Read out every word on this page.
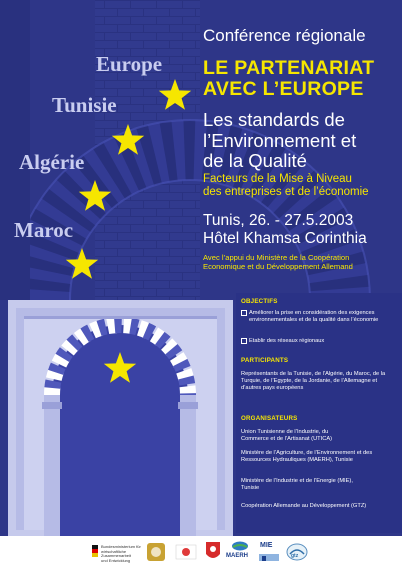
Europe
Tunisie
Algérie
Maroc
Conférence régionale
LE PARTENARIAT
AVEC L’EUROPE
Les standards de
l’Environnement et
de la Qualité
Facteurs de la Mise à Niveau
des entreprises et de l’économie
Tunis, 26. - 27.5.2003
Hôtel Khamsa Corinthia
Avec l’appui du Ministère de la Coopération
Economique et du Développement Allemand
OBJECTIFS
Améliorer la prise en considération des exigences environnementales et de la qualité dans l’économie
Etablir des réseaux régionaux
PARTICIPANTS

Représentants de la Tunisie, de l’Algérie, du Maroc, de la Turquie, de l’Egypte, de la Jordanie, de l’Allemagne et d’autres pays européens

ORGANISATEURS

Union Tunisienne de l’Industrie, du Commerce et de l’Artisanat (UTICA)

Ministère de l’Agriculture, de l’Environnement et des Ressources Hydrauliques (MAERH), Tunisie

Ministère de l’Industrie et de l’Energie (MIE), Tunisie

Coopération Allemande au Développement (GTZ)

Bundesministerium für
wirtschaftliche Zusammenarbeit
und Entwicklung
MAERH
MIE
gtz
